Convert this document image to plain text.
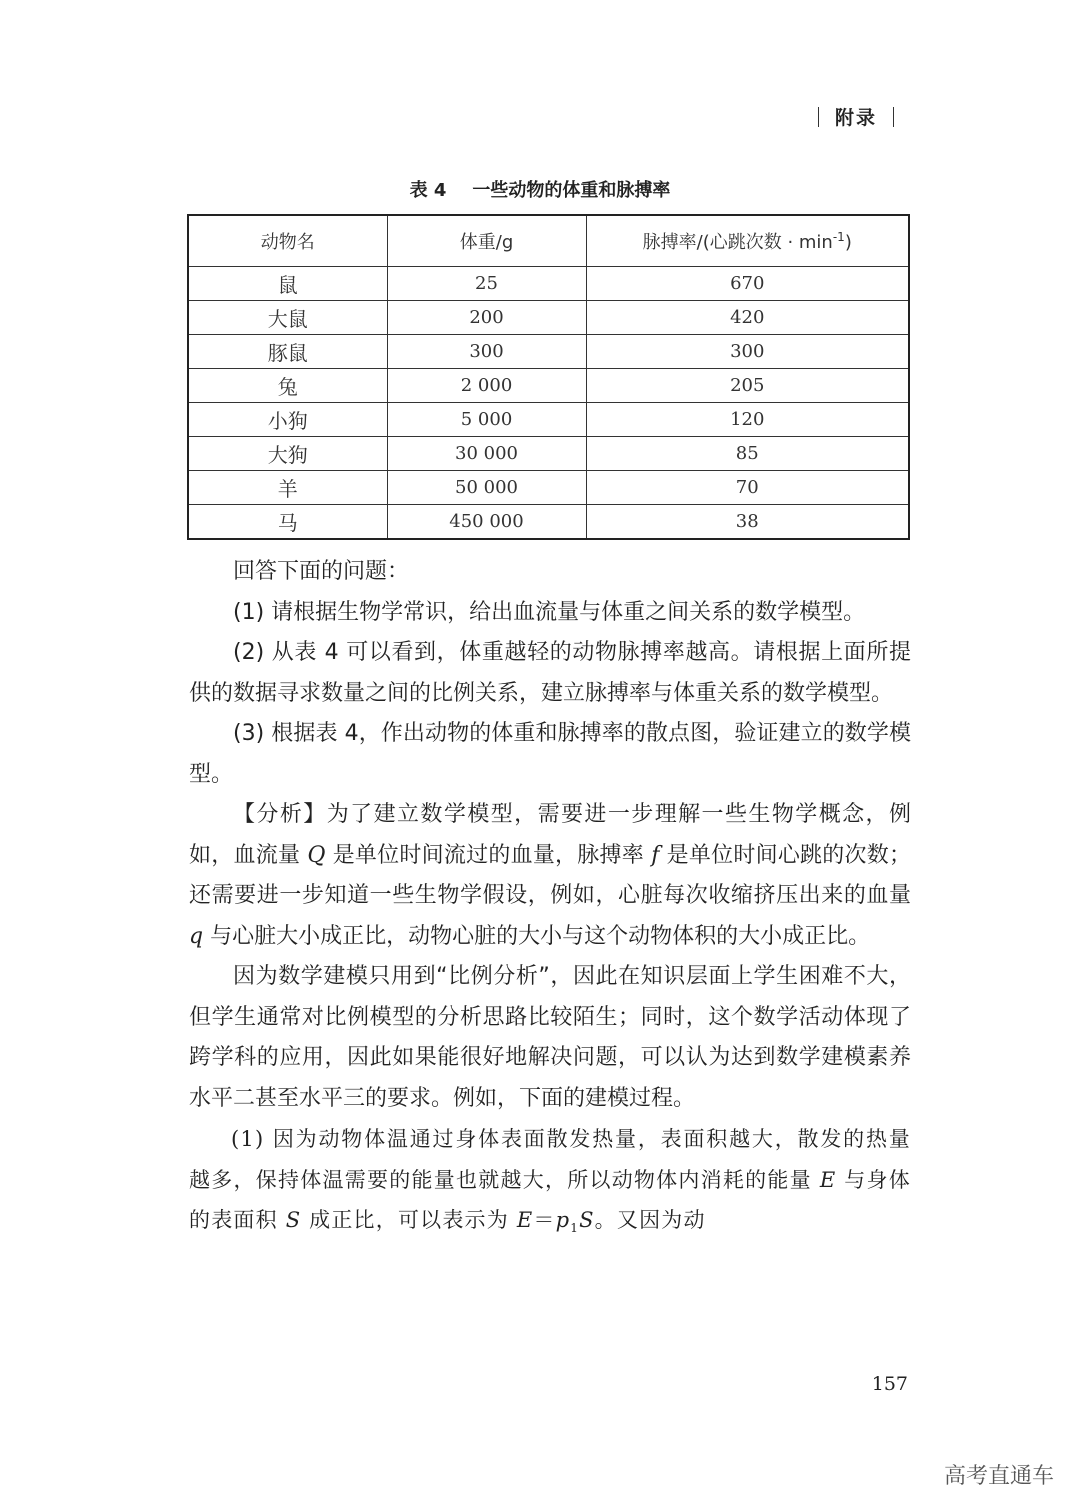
附录
表 4 一些动物的体重和脉搏率
动物名	体重/g	脉搏率/(心跳次数 · $\min^{-1}$)
鼠	25	670
大鼠	200	420
豚鼠	300	300
兔	2 000	205
小狗	5 000	120
大狗	30 000	85
羊	50 000	70
马	450 000	38

回答下面的问题：

(1) 请根据生物学常识，给出血流量与体重之间关系的数学模型。

(2) 从表 4 可以看到，体重越轻的动物脉搏率越高。请根据上面所提供的数据寻求数量之间的比例关系，建立脉搏率与体重关系的数学模型。

(3) 根据表 4，作出动物的体重和脉搏率的散点图，验证建立的数学模型。

【分析】为了建立数学模型，需要进一步理解一些生物学概念，例如，血流量 Q 是单位时间流过的血量，脉搏率 f 是单位时间心跳的次数；还需要进一步知道一些生物学假设，例如，心脏每次收缩挤压出来的血量 q 与心脏大小成正比，动物心脏的大小与这个动物体积的大小成正比。

因为数学建模只用到“比例分析”，因此在知识层面上学生困难不大，但学生通常对比例模型的分析思路比较陌生；同时，这个数学活动体现了跨学科的应用，因此如果能很好地解决问题，可以认为达到数学建模素养水平二甚至水平三的要求。例如，下面的建模过程。

(1) 因为动物体温通过身体表面散发热量，表面积越大，散发的热量越多，保持体温需要的能量也就越大，所以动物体内消耗的能量 E 与身体的表面积 S 成正比，可以表示为 $E=p_1S$。又因为动

157
高考直通车
